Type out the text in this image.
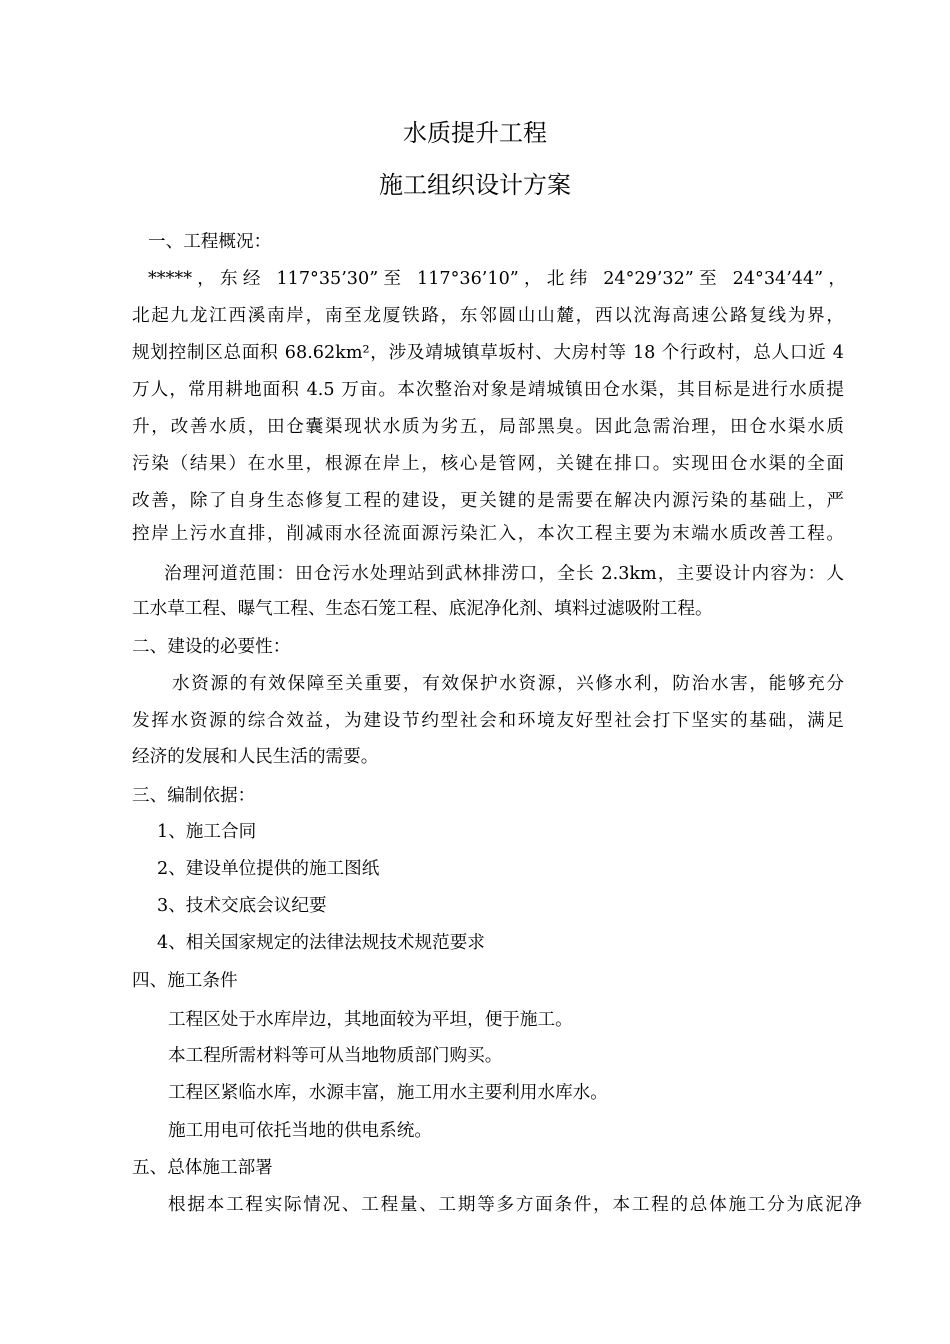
水质提升工程
施工组织设计方案
一、工程概况：
*****，东经 117°35’30”至 117°36’10”，北纬 24°29’32”至 24°34’44”，
北起九龙江西溪南岸，南至龙厦铁路，东邻圆山山麓，西以沈海高速公路复线为界，
规划控制区总面积 68.62km²，涉及靖城镇草坂村、大房村等 18 个行政村，总人口近 4
万人，常用耕地面积 4.5 万亩。本次整治对象是靖城镇田仓水渠，其目标是进行水质提
升，改善水质，田仓囊渠现状水质为劣五，局部黑臭。因此急需治理，田仓水渠水质
污染（结果）在水里，根源在岸上，核心是管网，关键在排口。实现田仓水渠的全面
改善，除了自身生态修复工程的建设，更关键的是需要在解决内源污染的基础上，严
控岸上污水直排，削减雨水径流面源污染汇入，本次工程主要为末端水质改善工程。
治理河道范围：田仓污水处理站到武林排涝口，全长 2.3km，主要设计内容为：人
工水草工程、曝气工程、生态石笼工程、底泥净化剂、填料过滤吸附工程。
二、建设的必要性：
水资源的有效保障至关重要，有效保护水资源，兴修水利，防治水害，能够充分
发挥水资源的综合效益，为建设节约型社会和环境友好型社会打下坚实的基础，满足
经济的发展和人民生活的需要。
三、编制依据：
1、施工合同
2、建设单位提供的施工图纸
3、技术交底会议纪要
4、相关国家规定的法律法规技术规范要求
四、施工条件
工程区处于水库岸边，其地面较为平坦，便于施工。
本工程所需材料等可从当地物质部门购买。
工程区紧临水库，水源丰富，施工用水主要利用水库水。
施工用电可依托当地的供电系统。
五、总体施工部署
根据本工程实际情况、工程量、工期等多方面条件，本工程的总体施工分为底泥净
